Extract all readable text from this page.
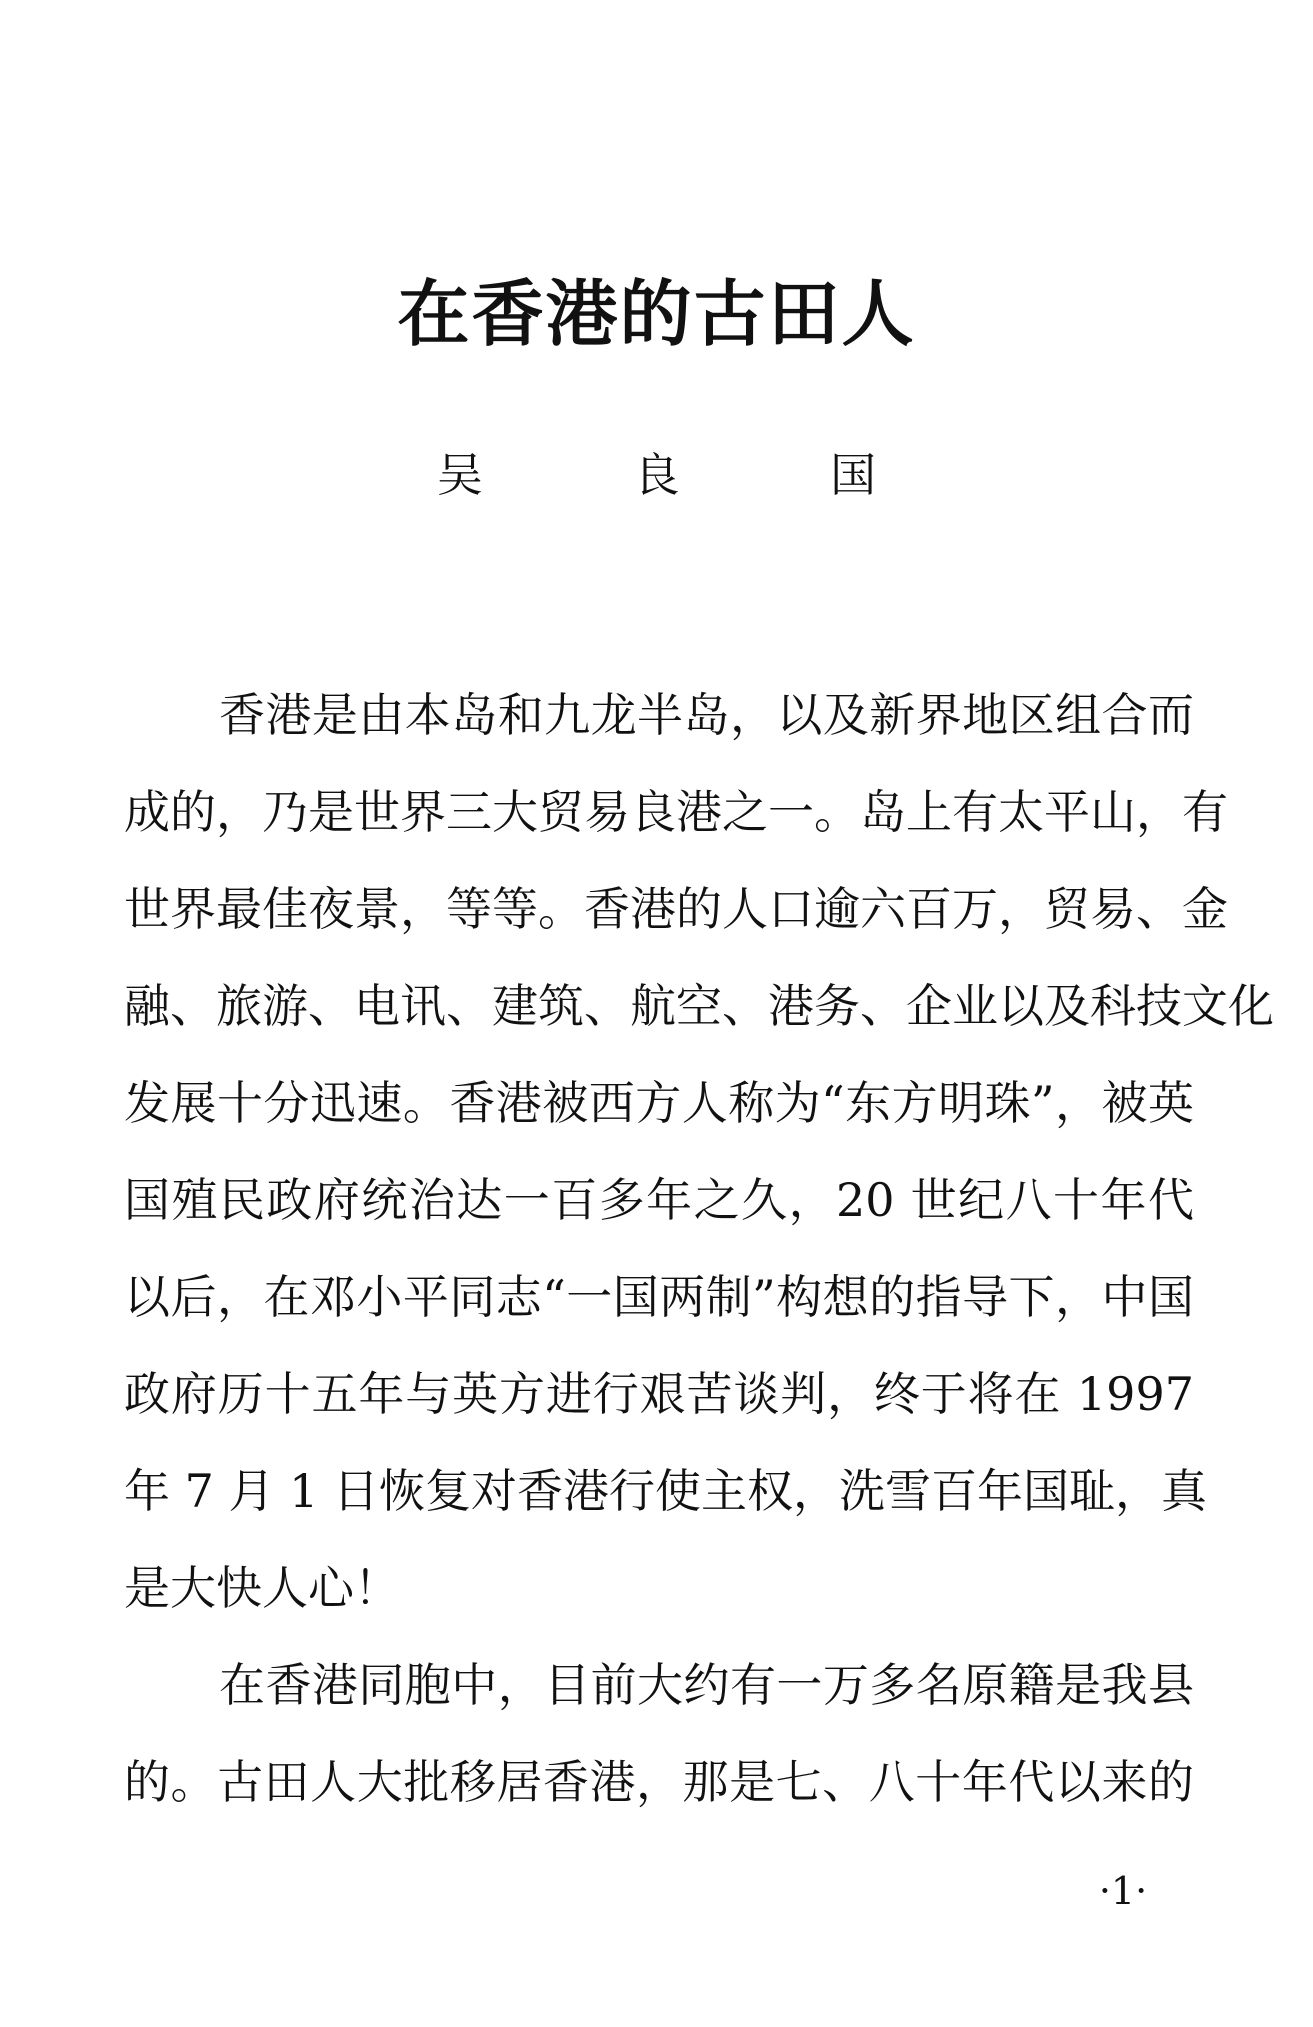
在香港的古田人
吴 良 国
香港是由本岛和九龙半岛，以及新界地区组合而
成的，乃是世界三大贸易良港之一。岛上有太平山，有
世界最佳夜景，等等。香港的人口逾六百万，贸易、金
融、旅游、电讯、建筑、航空、港务、企业以及科技文化
发展十分迅速。香港被西方人称为“东方明珠”，被英
国殖民政府统治达一百多年之久，20 世纪八十年代
以后，在邓小平同志“一国两制”构想的指导下，中国
政府历十五年与英方进行艰苦谈判，终于将在 1997
年 7 月 1 日恢复对香港行使主权，洗雪百年国耻，真
是大快人心！
在香港同胞中，目前大约有一万多名原籍是我县
的。古田人大批移居香港，那是七、八十年代以来的
·1·
